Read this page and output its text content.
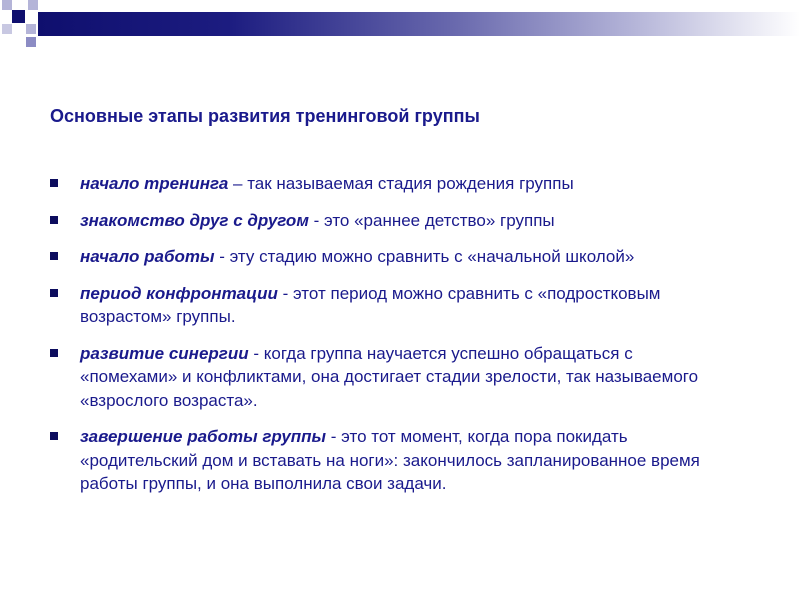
Основные этапы развития тренинговой группы
начало тренинга – так называемая стадия рождения группы
знакомство друг с другом - это «раннее детство» группы
начало работы - эту стадию можно сравнить с «начальной школой»
период конфронтации - этот период можно сравнить с «подростковым
возрастом» группы.
развитие синергии - когда группа научается успешно обращаться с
«помехами» и конфликтами, она достигает стадии зрелости, так называемого
«взрослого возраста».
завершение работы группы - это тот момент, когда пора покидать
«родительский дом и вставать на ноги»: закончилось запланированное время
работы группы, и она выполнила свои задачи.
